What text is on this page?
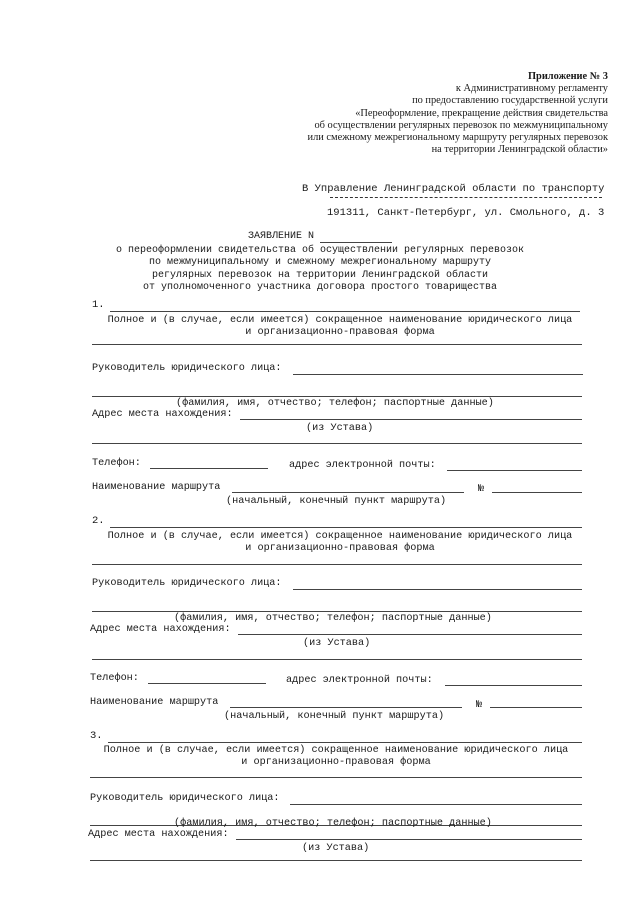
Приложение № 3
к Административному регламенту
по предоставлению государственной услуги
«Переоформление, прекращение действия свидетельства
об осуществлении регулярных перевозок по межмуниципальному
или смежному межрегиональному маршруту регулярных перевозок
на территории Ленинградской области»
В Управление Ленинградской области по транспорту
191311, Санкт-Петербург, ул. Смольного, д. 3
ЗАЯВЛЕНИЕ N
о переоформлении свидетельства об осуществлении регулярных перевозок
по межмуниципальному и смежному межрегиональному маршруту
регулярных перевозок на территории Ленинградской области
от уполномоченного участника договора простого товарищества
1.
Полное и (в случае, если имеется) сокращенное наименование юридического лица
и организационно-правовая форма
Руководитель юридического лица:
(фамилия, имя, отчество; телефон; паспортные данные)
Адрес места нахождения:
(из Устава)
Телефон:	адрес электронной почты:
Наименование маршрута	№
(начальный, конечный пункт маршрута)
2.
Полное и (в случае, если имеется) сокращенное наименование юридического лица
и организационно-правовая форма
Руководитель юридического лица:
(фамилия, имя, отчество; телефон; паспортные данные)
Адрес места нахождения:
(из Устава)
Телефон:	адрес электронной почты:
Наименование маршрута	№
(начальный, конечный пункт маршрута)
3.
Полное и (в случае, если имеется) сокращенное наименование юридического лица
и организационно-правовая форма
Руководитель юридического лица:
(фамилия, имя, отчество; телефон; паспортные данные)
Адрес места нахождения:
(из Устава)
